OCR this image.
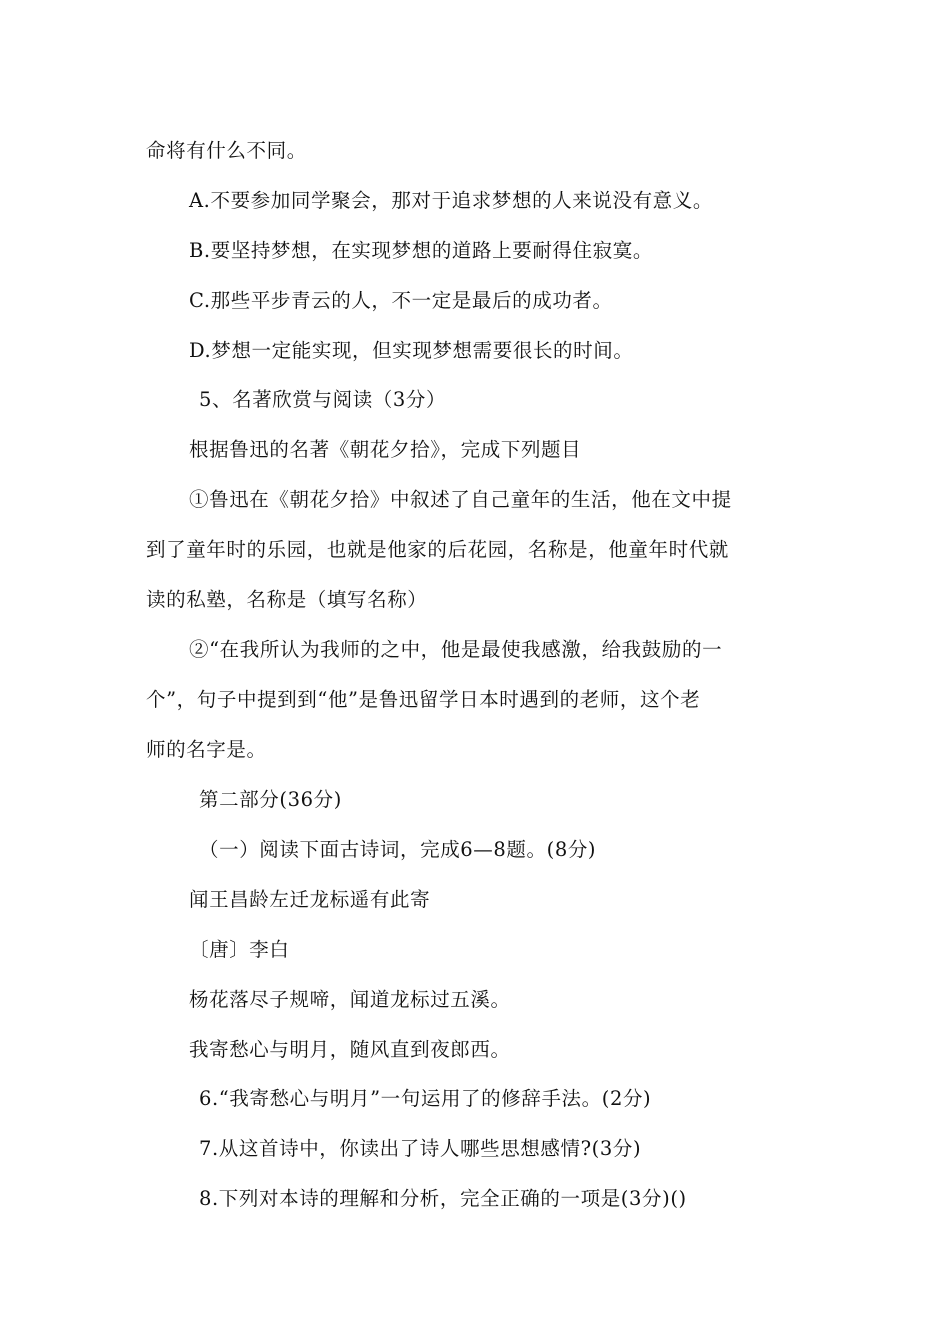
命将有什么不同。
A.不要参加同学聚会，那对于追求梦想的人来说没有意义。
B.要坚持梦想，在实现梦想的道路上要耐得住寂寞。
C.那些平步青云的人，不一定是最后的成功者。
D.梦想一定能实现，但实现梦想需要很长的时间。
5、名著欣赏与阅读（3分）
根据鲁迅的名著《朝花夕拾》，完成下列题目
①鲁迅在《朝花夕拾》中叙述了自己童年的生活，他在文中提
到了童年时的乐园，也就是他家的后花园，名称是，他童年时代就
读的私塾，名称是（填写名称）
②“在我所认为我师的之中，他是最使我感激，给我鼓励的一
个”，句子中提到到“他”是鲁迅留学日本时遇到的老师，这个老
师的名字是。
第二部分(36分)
（一）阅读下面古诗词，完成6—8题。(8分)
闻王昌龄左迁龙标遥有此寄
〔唐〕李白
杨花落尽子规啼，闻道龙标过五溪。
我寄愁心与明月，随风直到夜郎西。
6.“我寄愁心与明月”一句运用了的修辞手法。(2分)
7.从这首诗中，你读出了诗人哪些思想感情?(3分)
8.下列对本诗的理解和分析，完全正确的一项是(3分)()
